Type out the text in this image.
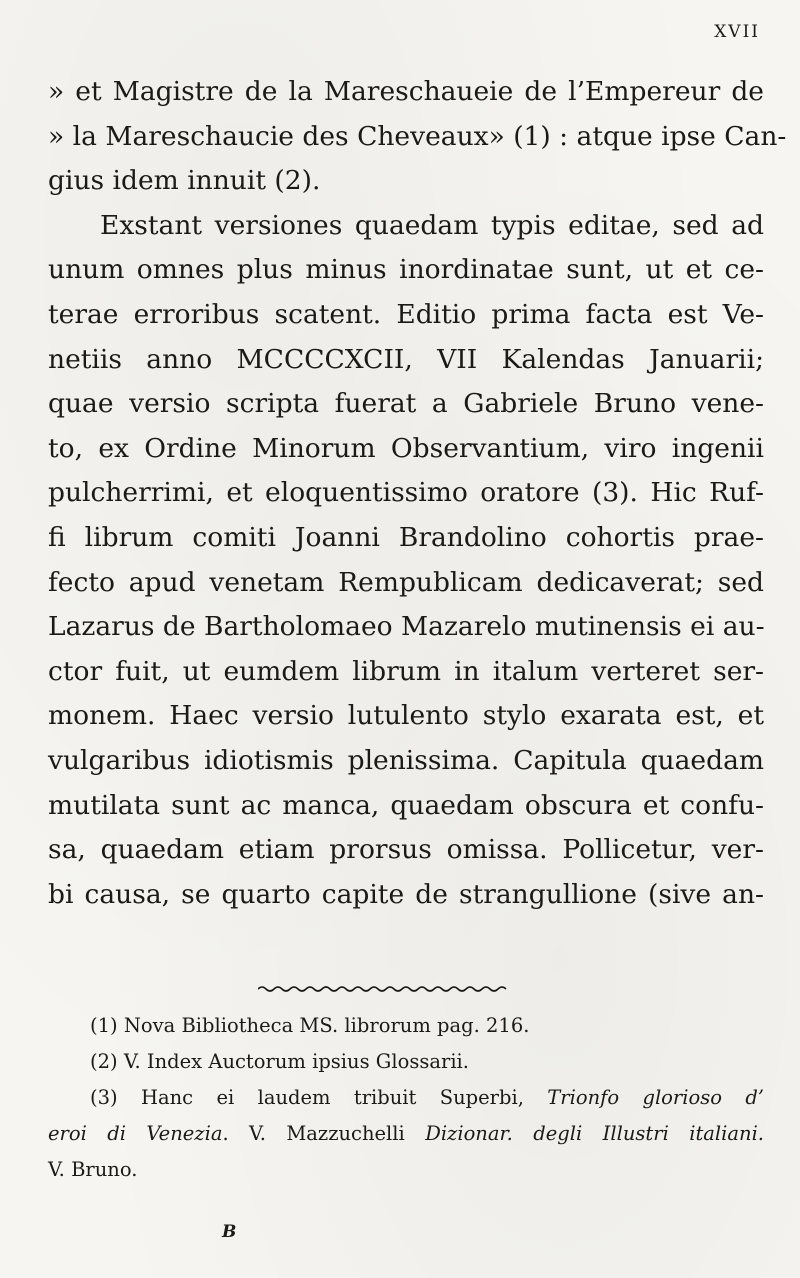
XVII
» et Magistre de la Mareschaueie de l’Empereur de
» la Mareschaucie des Cheveaux» (1) : atque ipse Can-
gius idem innuit (2).
Exstant versiones quaedam typis editae, sed ad
unum omnes plus minus inordinatae sunt, ut et ce-
terae erroribus scatent. Editio prima facta est Ve-
netiis anno MCCCCXCII, VII Kalendas Januarii;
quae versio scripta fuerat a Gabriele Bruno vene-
to, ex Ordine Minorum Observantium, viro ingenii
pulcherrimi, et eloquentissimo oratore (3). Hic Ruf-
fi librum comiti Joanni Brandolino cohortis prae-
fecto apud venetam Rempublicam dedicaverat; sed
Lazarus de Bartholomaeo Mazarelo mutinensis ei au-
ctor fuit, ut eumdem librum in italum verteret ser-
monem. Haec versio lutulento stylo exarata est, et
vulgaribus idiotismis plenissima. Capitula quaedam
mutilata sunt ac manca, quaedam obscura et confu-
sa, quaedam etiam prorsus omissa. Pollicetur, ver-
bi causa, se quarto capite de strangullione (sive an-
(1) Nova Bibliotheca MS. librorum pag. 216.
(2) V. Index Auctorum ipsius Glossarii.
(3) Hanc ei laudem tribuit Superbi, Trionfo glorioso d’
eroi di Venezia. V. Mazzuchelli Dizionar. degli Illustri italiani.
V. Bruno.
B
